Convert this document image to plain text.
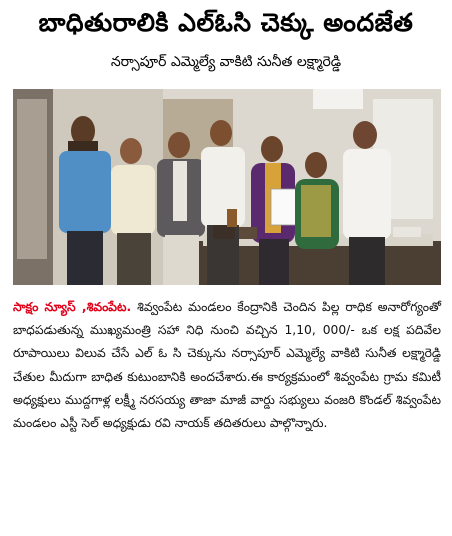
బాధితురాలికి ఎల్ఓసి చెక్కు అందజేత
నర్సాపూర్ ఎమ్మెల్యే వాకిటి సునీత లక్ష్మారెడ్డి

సాక్షం న్యూస్ ,శివంపేట. శివ్వంపేట మండలం కేంద్రానికి చెందిన పిల్ల రాధిక అనారోగ్యంతో బాధపడుతున్న ముఖ్యమంత్రి సహా నిధి నుంచి వచ్చిన 1,10, 000/- ఒక లక్ష పదివేల రూపాయిలు విలువ చేసే ఎల్ ఓ సి చెక్కును నర్సాపూర్ ఎమ్మెల్యే వాకిటి సునీత లక్ష్మారెడ్డి చేతుల మీదుగా బాధిత కుటుంబానికి అందచేశారు.ఈ కార్యక్రమంలో శివ్వంపేట గ్రామ కమిటీ అధ్యక్షులు ముద్దగాళ్ల లక్ష్మీ నరసయ్య తాజా మాజీ వార్డు సభ్యులు వంజరి కొండల్ శివ్వంపేట మండలం ఎస్టీ సెల్ అధ్యక్షుడు రవి నాయక్ తదితరులు పాల్గొన్నారు.
